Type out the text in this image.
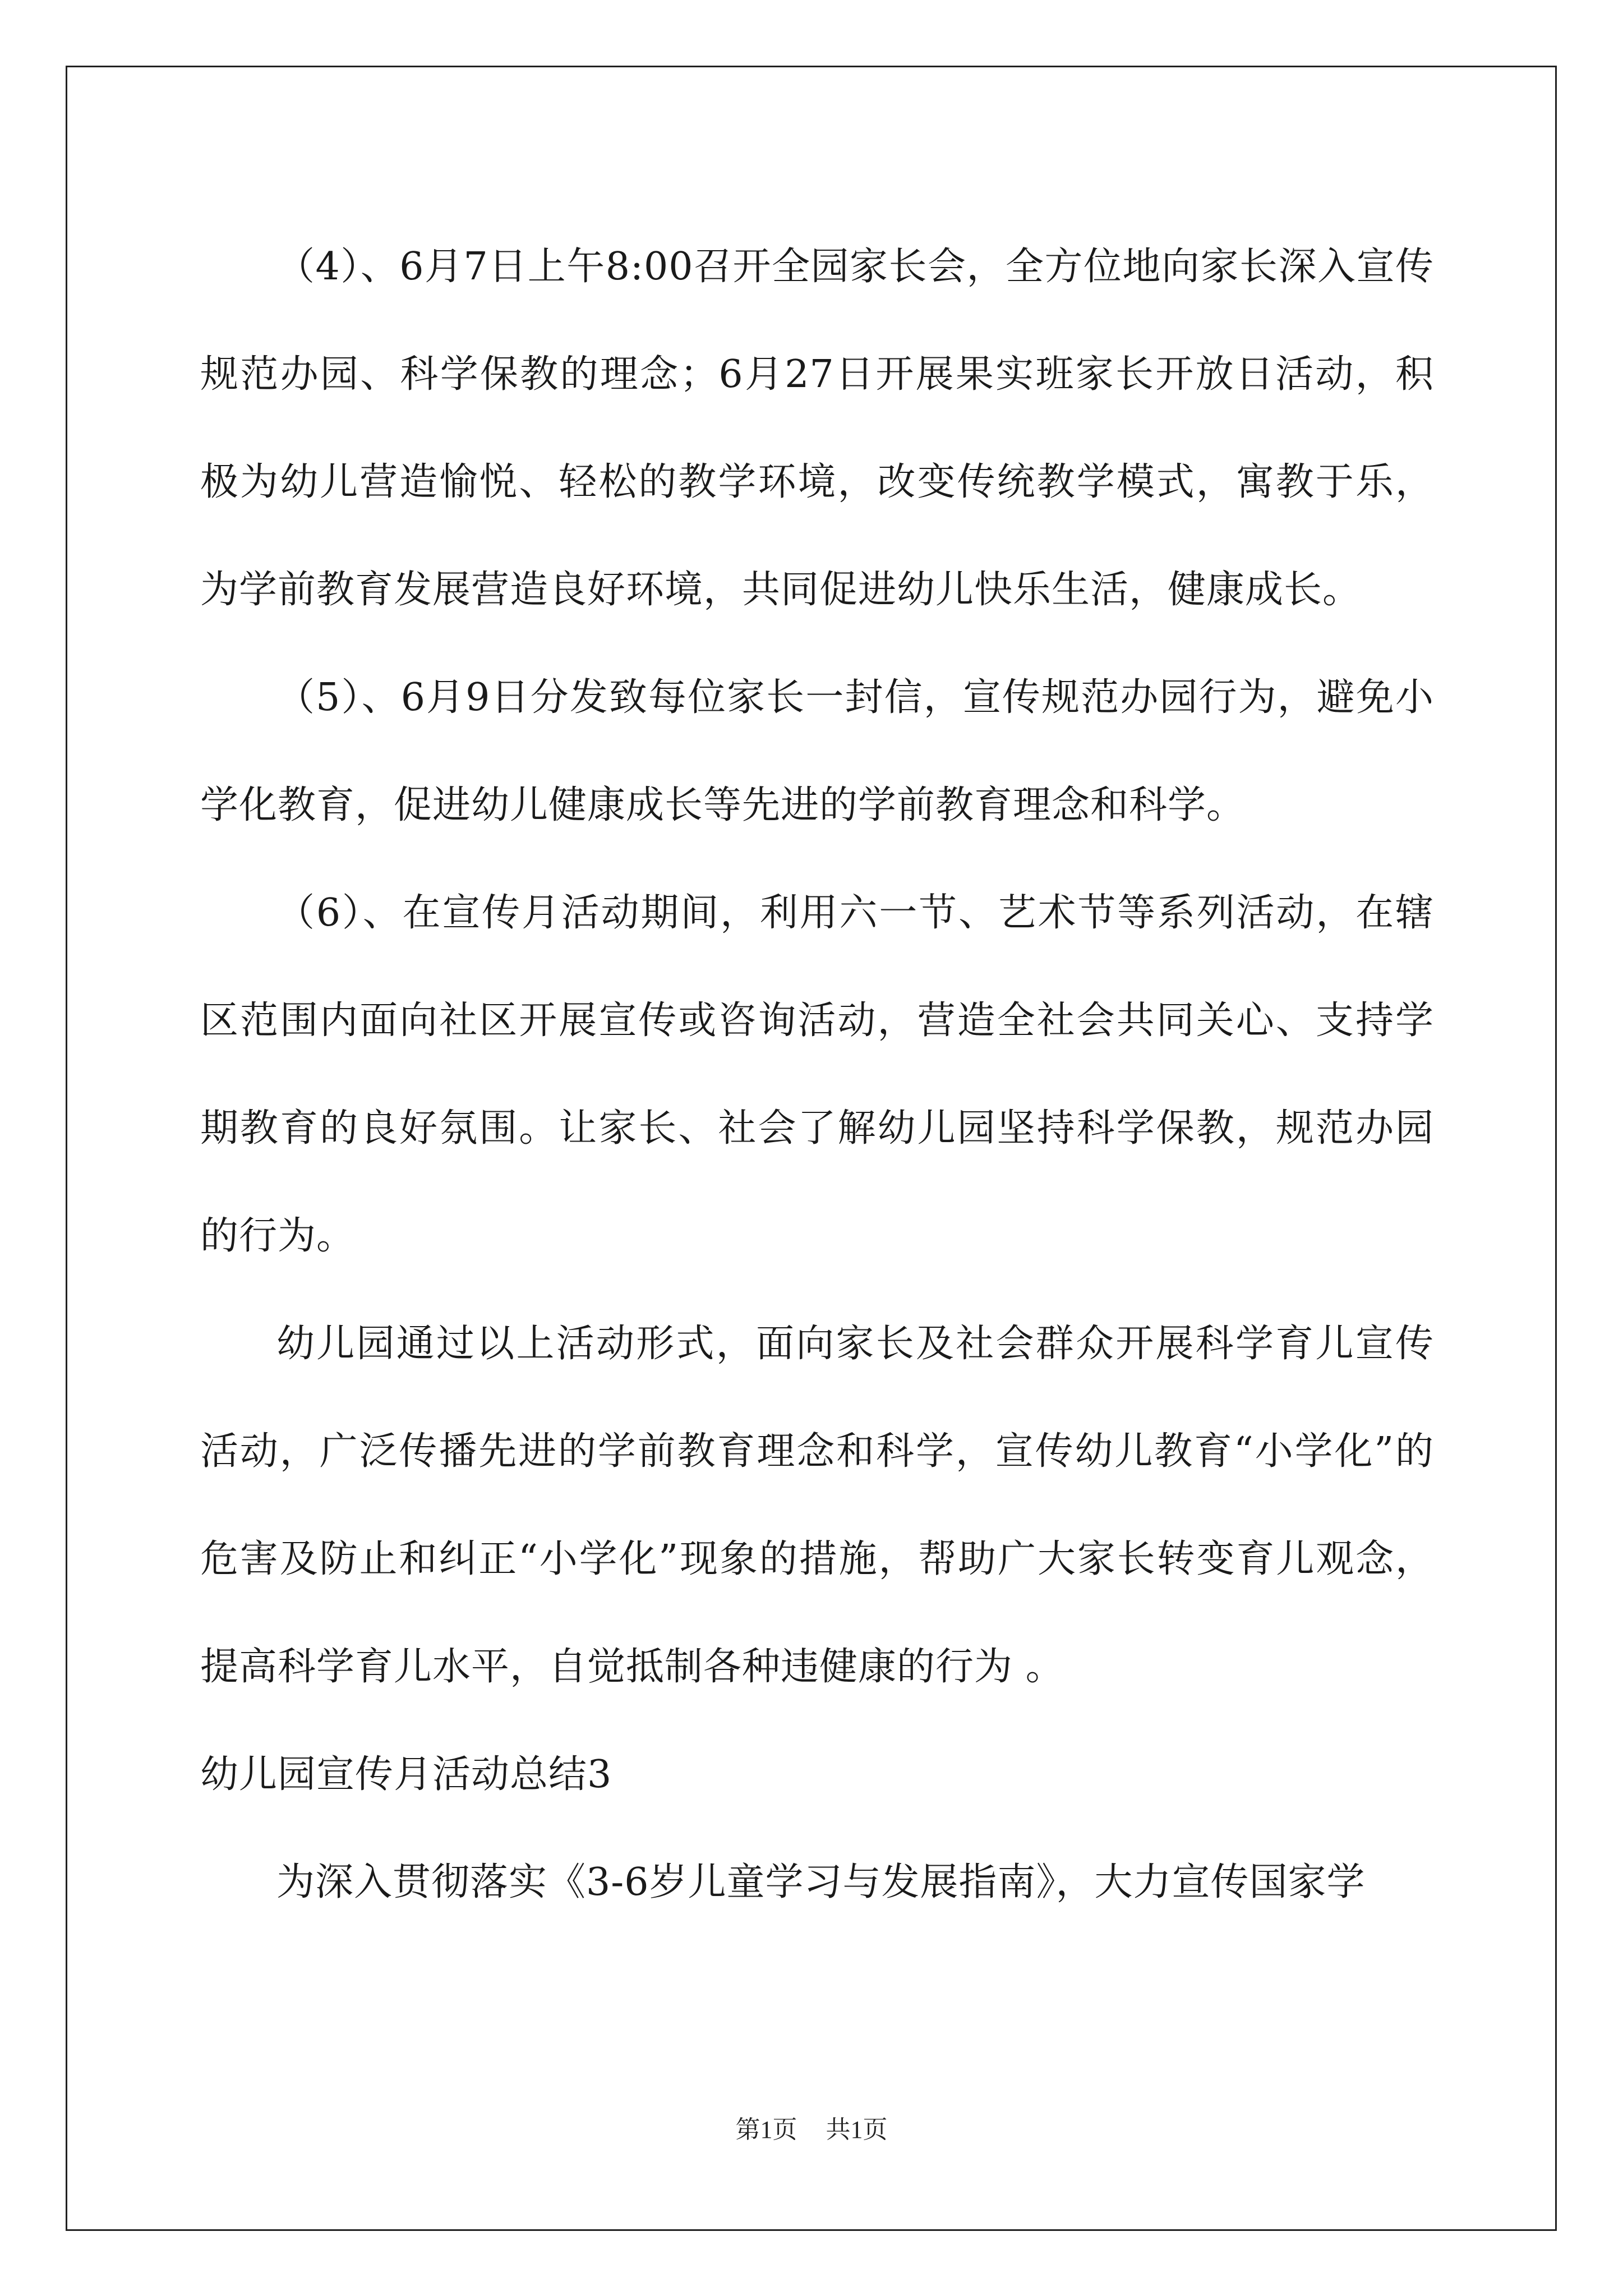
（4）、6月7日上午8:00召开全园家长会，全方位地向家长深入宣传规范办园、科学保教的理念；6月27日开展果实班家长开放日活动，积极为幼儿营造愉悦、轻松的教学环境，改变传统教学模式，寓教于乐，为学前教育发展营造良好环境，共同促进幼儿快乐生活，健康成长。

（5）、6月9日分发致每位家长一封信，宣传规范办园行为，避免小学化教育，促进幼儿健康成长等先进的学前教育理念和科学。

（6）、在宣传月活动期间，利用六一节、艺术节等系列活动，在辖区范围内面向社区开展宣传或咨询活动，营造全社会共同关心、支持学期教育的良好氛围。让家长、社会了解幼儿园坚持科学保教，规范办园的行为。

幼儿园通过以上活动形式，面向家长及社会群众开展科学育儿宣传活动，广泛传播先进的学前教育理念和科学，宣传幼儿教育“小学化”的危害及防止和纠正“小学化”现象的措施，帮助广大家长转变育儿观念，提高科学育儿水平，自觉抵制各种违健康的行为 。

幼儿园宣传月活动总结3

为深入贯彻落实《3-6岁儿童学习与发展指南》，大力宣传国家学

第1页 共1页
